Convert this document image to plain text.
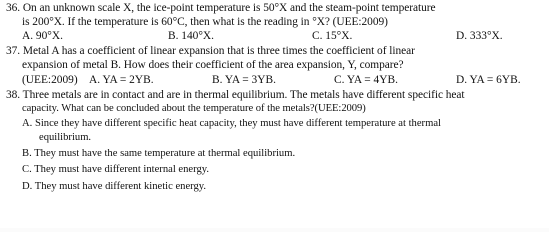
36. On an unknown scale X, the ice-point temperature is 50°X and the steam-point temperature
is 200°X. If the temperature is 60°C, then what is the reading in °X? (UEE:2009)
A. 90°X.	B. 140°X.	C. 15°X.	D. 333°X.
37. Metal A has a coefficient of linear expansion that is three times the coefficient of linear
expansion of metal B. How does their coefficient of the area expansion, Y, compare?
(UEE:2009) A. YA = 2YB.	B. YA = 3YB.	C. YA = 4YB.	D. YA = 6YB.
38. Three metals are in contact and are in thermal equilibrium. The metals have different specific heat
capacity. What can be concluded about the temperature of the metals?(UEE:2009)
A. Since they have different specific heat capacity, they must have different temperature at thermal
equilibrium.
B. They must have the same temperature at thermal equilibrium.
C. They must have different internal energy.
D. They must have different kinetic energy.
